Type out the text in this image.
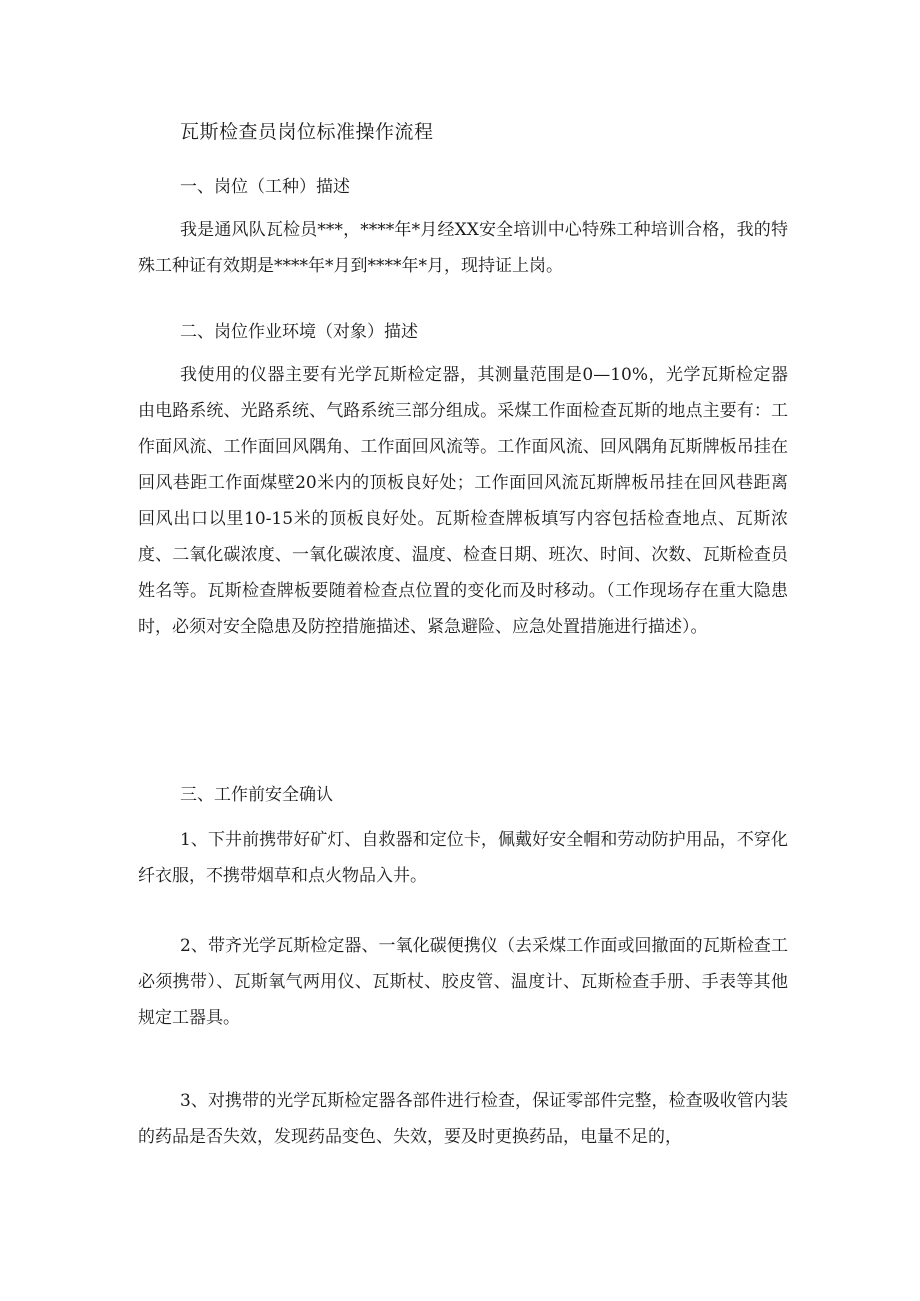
瓦斯检查员岗位标准操作流程
一、岗位（工种）描述

我是通风队瓦检员***，****年*月经XX安全培训中心特殊工种培训合格，我的特殊工种证有效期是****年*月到****年*月，现持证上岗。

二、岗位作业环境（对象）描述

我使用的仪器主要有光学瓦斯检定器，其测量范围是0—10%，光学瓦斯检定器由电路系统、光路系统、气路系统三部分组成。采煤工作面检查瓦斯的地点主要有：工作面风流、工作面回风隅角、工作面回风流等。工作面风流、回风隅角瓦斯牌板吊挂在回风巷距工作面煤壁20米内的顶板良好处；工作面回风流瓦斯牌板吊挂在回风巷距离回风出口以里10-15米的顶板良好处。瓦斯检查牌板填写内容包括检查地点、瓦斯浓度、二氧化碳浓度、一氧化碳浓度、温度、检查日期、班次、时间、次数、瓦斯检查员姓名等。瓦斯检查牌板要随着检查点位置的变化而及时移动。（工作现场存在重大隐患时，必须对安全隐患及防控措施描述、紧急避险、应急处置措施进行描述）。

三、工作前安全确认

1、下井前携带好矿灯、自救器和定位卡，佩戴好安全帽和劳动防护用品，不穿化纤衣服，不携带烟草和点火物品入井。

2、带齐光学瓦斯检定器、一氧化碳便携仪（去采煤工作面或回撤面的瓦斯检查工必须携带）、瓦斯氧气两用仪、瓦斯杖、胶皮管、温度计、瓦斯检查手册、手表等其他规定工器具。

3、对携带的光学瓦斯检定器各部件进行检查，保证零部件完整，检查吸收管内装的药品是否失效，发现药品变色、失效，要及时更换药品，电量不足的，
